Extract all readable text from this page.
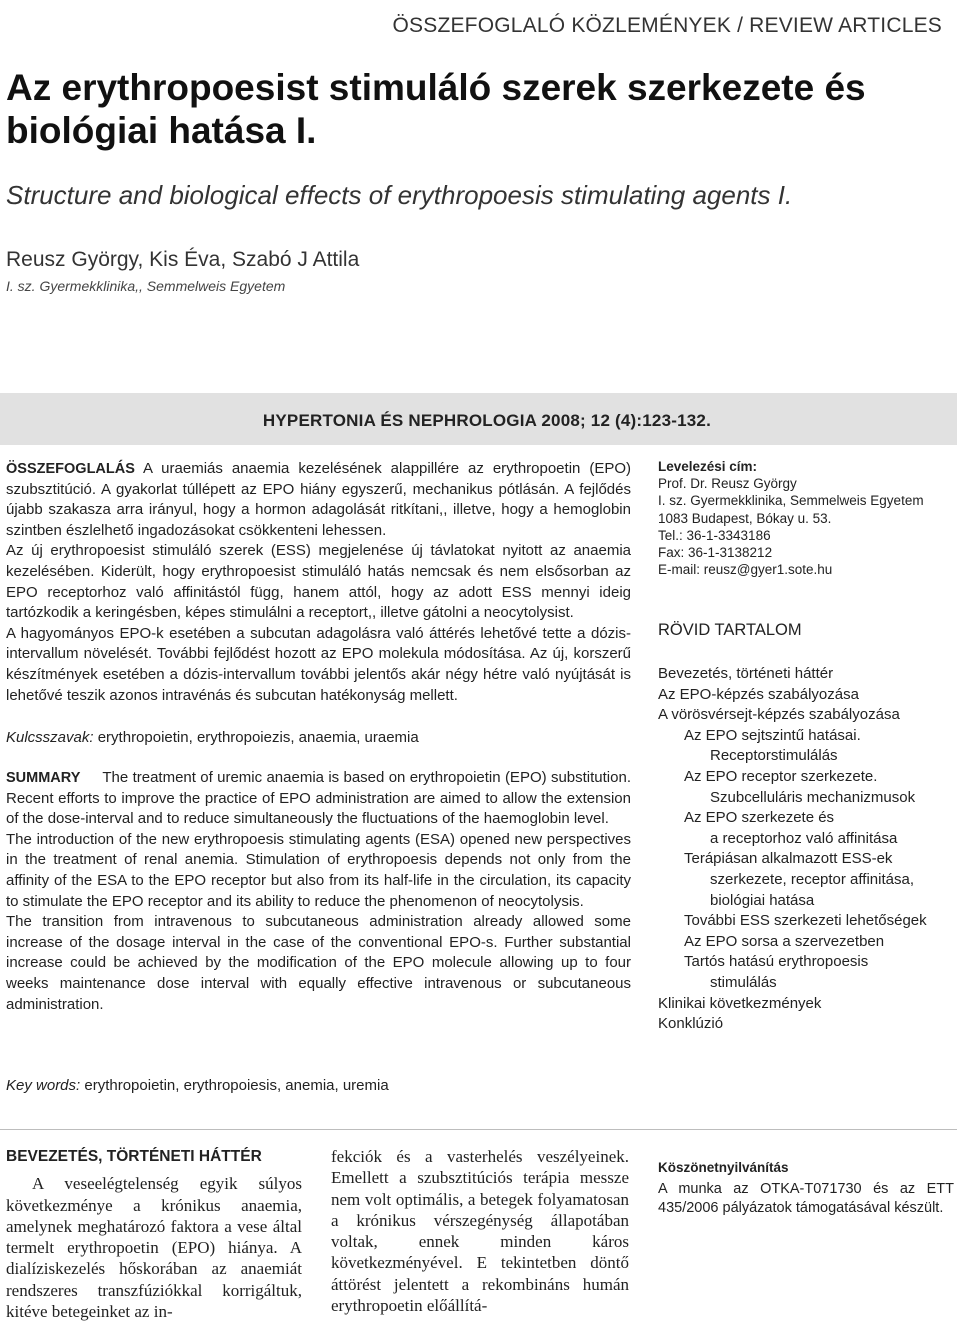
ÖSSZEFOGLALÓ KÖZLEMÉNYEK / REVIEW ARTICLES
Az erythropoesist stimuláló szerek szerkezete és
biológiai hatása I.
Structure and biological effects of erythropoesis stimulating agents I.
Reusz György, Kis Éva, Szabó J Attila
I. sz. Gyermekklinika,, Semmelweis Egyetem
HYPERTONIA ÉS NEPHROLOGIA 2008; 12 (4):123-132.

ÖSSZEFOGLALÁS A uraemiás anaemia kezelésének alappillére az erythropoetin (EPO) szubsztitúció. A gyakorlat túllépett az EPO hiány egyszerű, mechanikus pótlásán. A fejlődés újabb szakasza arra irányul, hogy a hormon adagolását ritkítani,, illetve, hogy a hemoglobin szintben észlelhető ingadozásokat csökkenteni lehessen.

Az új erythropoesist stimuláló szerek (ESS) megjelenése új távlatokat nyitott az anaemia kezelésében. Kiderült, hogy erythropoesist stimuláló hatás nemcsak és nem elsősorban az EPO receptorhoz való affinitástól függ, hanem attól, hogy az adott ESS mennyi ideig tartózkodik a keringésben, képes stimulálni a receptort,, illetve gátolni a neocytolysist.

A hagyományos EPO-k esetében a subcutan adagolásra való áttérés lehetővé tette a dózis-intervallum növelését. További fejlődést hozott az EPO molekula módosítása. Az új, korszerű készítmények esetében a dózis-intervallum további jelentős akár négy hétre való nyújtását is lehetővé teszik azonos intravénás és subcutan hatékonyság mellett.

Kulcsszavak: erythropoietin, erythropoiezis, anaemia, uraemia

SUMMARY The treatment of uremic anaemia is based on erythropoietin (EPO) substitution. Recent efforts to improve the practice of EPO administration are aimed to allow the extension of the dose-interval and to reduce simultaneously the fluctuations of the haemoglobin level.

The introduction of the new erythropoesis stimulating agents (ESA) opened new perspectives in the treatment of renal anemia. Stimulation of erythropoesis depends not only from the affinity of the ESA to the EPO receptor but also from its half-life in the circulation, its capacity to stimulate the EPO receptor and its ability to reduce the phenomenon of neocytolysis.

The transition from intravenous to subcutaneous administration already allowed some increase of the dosage interval in the case of the conventional EPO-s. Further substantial increase could be achieved by the modification of the EPO molecule allowing up to four weeks maintenance dose interval with equally effective intravenous or subcutaneous administration.

Key words: erythropoietin, erythropoiesis, anemia, uremia
Levelezési cím:
Prof. Dr. Reusz György
I. sz. Gyermekklinika, Semmelweis Egyetem
1083 Budapest, Bókay u. 53.
Tel.: 36-1-3343186
Fax: 36-1-3138212
E-mail: reusz@gyer1.sote.hu
RÖVID TARTALOM
Bevezetés, történeti háttér
Az EPO-képzés szabályozása
A vörösvérsejt-képzés szabályozása
Az EPO sejtszintű hatásai.
Receptorstimulálás
Az EPO receptor szerkezete.
Szubcelluláris mechanizmusok
Az EPO szerkezete és
a receptorhoz való affinitása
Terápiásan alkalmazott ESS-ek
szerkezete, receptor affinitása,
biológiai hatása
További ESS szerkezeti lehetőségek
Az EPO sorsa a szervezetben
Tartós hatású erythropoesis
stimulálás
Klinikai következmények
Konklúzió
BEVEZETÉS, TÖRTÉNETI HÁTTÉR

A veseelégtelenség egyik súlyos következménye a krónikus anaemia, amelynek meghatározó faktora a vese által termelt erythropoetin (EPO) hiánya. A dialíziskezelés hőskorában az anaemiát rendszeres transzfúziókkal korrigáltuk, kitéve betegeinket az in-

fekciók és a vasterhelés veszélyeinek. Emellett a szubsztitúciós terápia messze nem volt optimális, a betegek folyamatosan a krónikus vérszegénység állapotában voltak, ennek minden káros következményével. E tekintetben döntő áttörést jelentett a rekombináns humán erythropoetin előállítá-

Köszönetnyilvánítás

A munka az OTKA-T071730 és az ETT 435/2006 pályázatok támogatásával készült.
